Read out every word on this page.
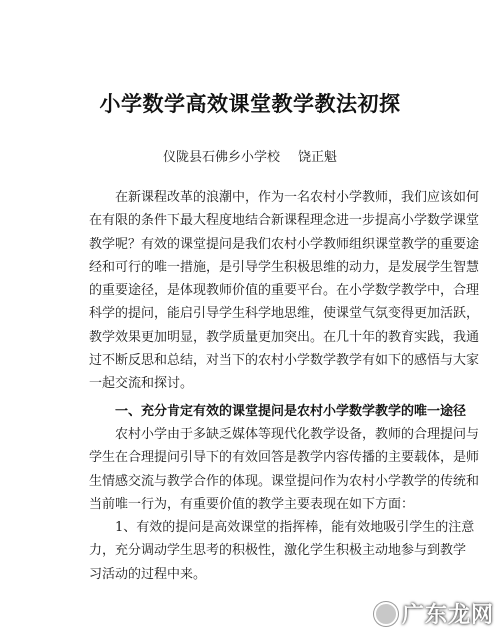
小学数学高效课堂教学教法初探
仪陇县石佛乡小学校 饶正魁

在新课程改革的浪潮中，作为一名农村小学教师，我们应该如何
在有限的条件下最大程度地结合新课程理念进一步提高小学数学课堂
教学呢？有效的课堂提问是我们农村小学教师组织课堂教学的重要途
经和可行的唯一措施，是引导学生积极思维的动力，是发展学生智慧
的重要途径，是体现教师价值的重要平台。在小学数学教学中，合理
科学的提问，能启引导学生科学地思维，使课堂气氛变得更加活跃，
教学效果更加明显，教学质量更加突出。在几十年的教育实践，我通
过不断反思和总结，对当下的农村小学数学教学有如下的感悟与大家
一起交流和探讨。

一、充分肯定有效的课堂提问是农村小学数学教学的唯一途径

农村小学由于多缺乏媒体等现代化教学设备，教师的合理提问与
学生在合理提问引导下的有效回答是教学内容传播的主要载体，是师
生情感交流与教学合作的体现。课堂提问作为农村小学教学的传统和
当前唯一行为，有重要价值的教学主要表现在如下方面：

1、有效的提问是高效课堂的指挥棒，能有效地吸引学生的注意
力，充分调动学生思考的积极性，激化学生积极主动地参与到教学
习活动的过程中来。

广东龙网
